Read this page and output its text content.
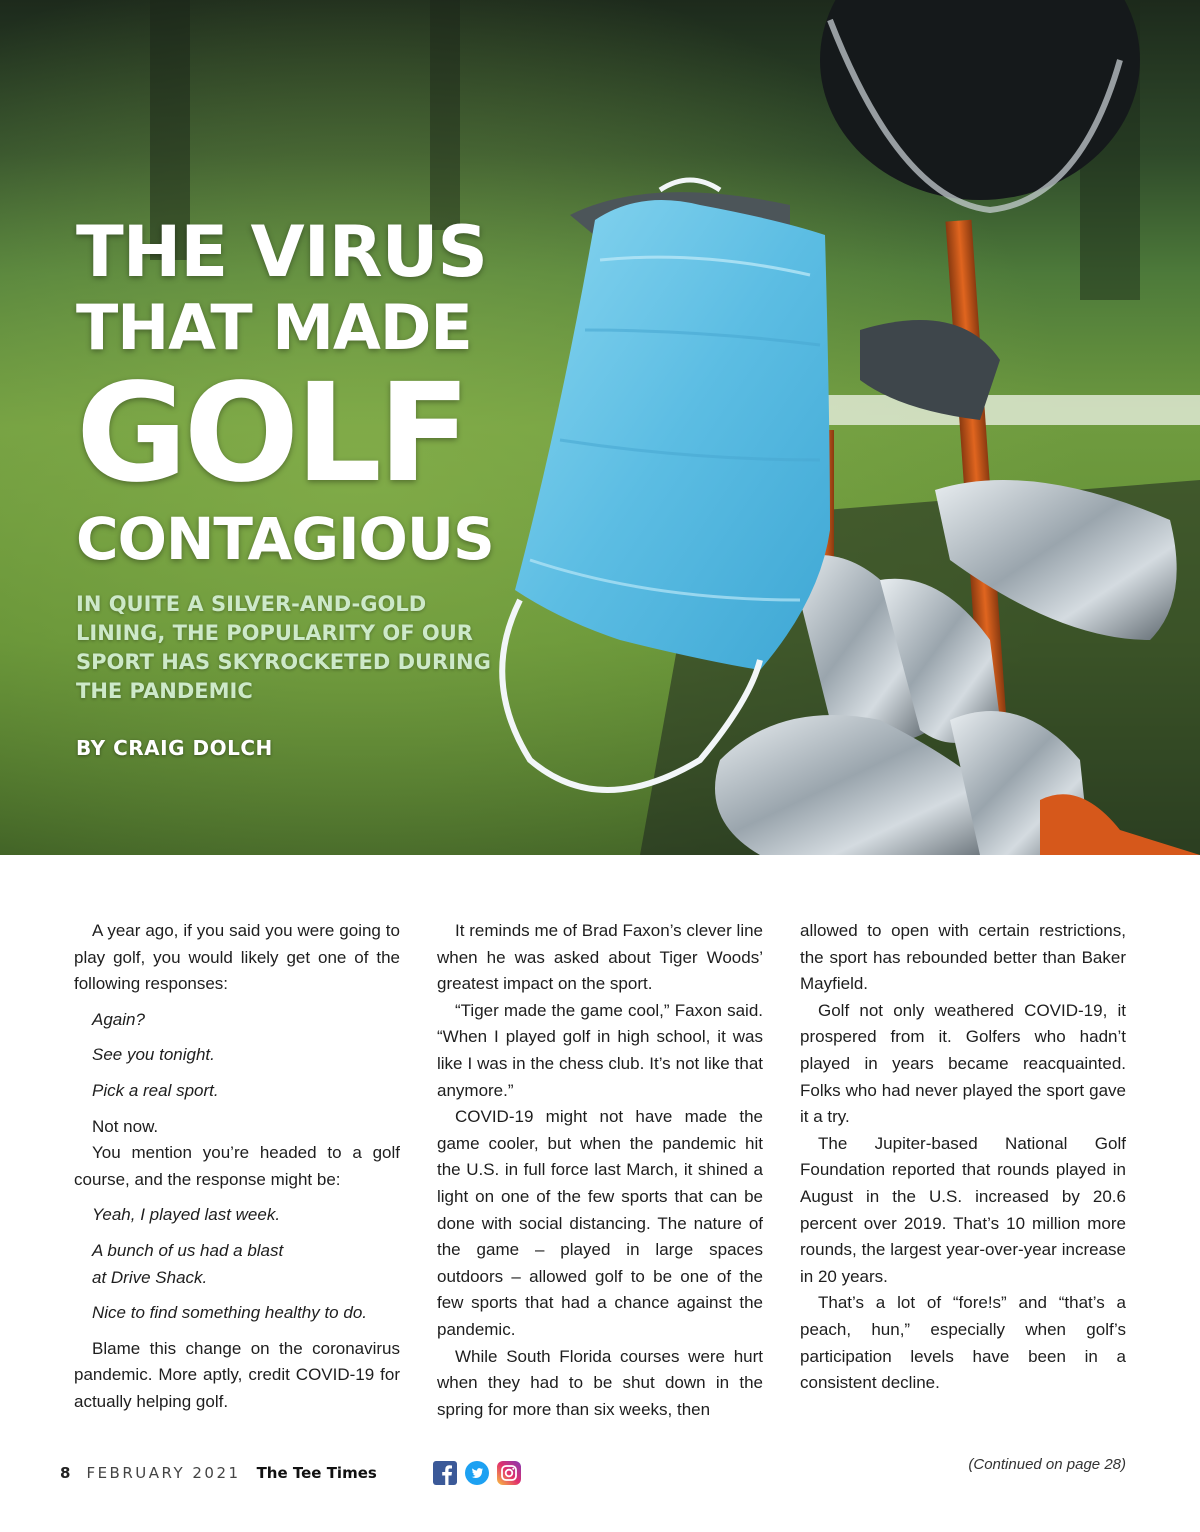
THE VIRUS
THAT MADE
GOLF
CONTAGIOUS
IN QUITE A SILVER-AND-GOLD LINING, THE POPULARITY OF OUR SPORT HAS SKYROCKETED DURING THE PANDEMIC
BY CRAIG DOLCH

A year ago, if you said you were going to play golf, you would likely get one of the following responses:

Again?

See you tonight.

Pick a real sport.

Not now.

You mention you’re headed to a golf course, and the response might be:

Yeah, I played last week.

A bunch of us had a blast

at Drive Shack.

Nice to find something healthy to do.

Blame this change on the coronavirus pandemic. More aptly, credit COVID-19 for actually helping golf.

It reminds me of Brad Faxon’s clever line when he was asked about Tiger Woods’ greatest impact on the sport.

“Tiger made the game cool,” Faxon said. “When I played golf in high school, it was like I was in the chess club. It’s not like that anymore.”

COVID-19 might not have made the game cooler, but when the pandemic hit the U.S. in full force last March, it shined a light on one of the few sports that can be done with social distancing. The nature of the game – played in large spaces outdoors – allowed golf to be one of the few sports that had a chance against the pandemic.

While South Florida courses were hurt when they had to be shut down in the spring for more than six weeks, then

allowed to open with certain restrictions, the sport has rebounded better than Baker Mayfield.

Golf not only weathered COVID-19, it prospered from it. Golfers who hadn’t played in years became reacquainted. Folks who had never played the sport gave it a try.

The Jupiter-based National Golf Foundation reported that rounds played in August in the U.S. increased by 20.6 percent over 2019. That’s 10 million more rounds, the largest year-over-year increase in 20 years.

That’s a lot of “fore!s” and “that’s a peach, hun,” especially when golf’s participation levels have been in a consistent decline.

(Continued on page 28)
8 FEBRUARY 2021 The Tee Times
